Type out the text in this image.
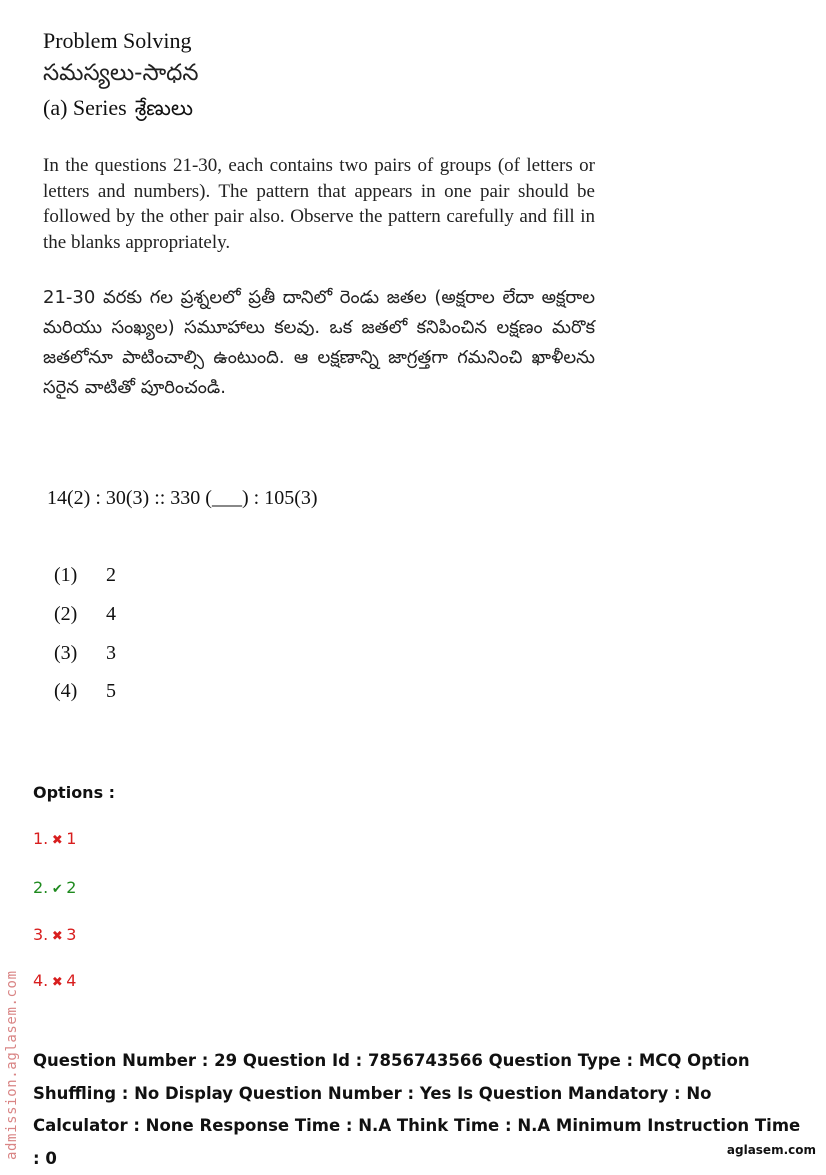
Problem Solving
సమస్యలు-సాధన
(a) Series శ్రేణులు
In the questions 21-30, each contains two pairs of groups (of letters or letters and numbers). The pattern that appears in one pair should be followed by the other pair also. Observe the pattern carefully and fill in the blanks appropriately.
21-30 వరకు గల ప్రశ్నలలో ప్రతీ దానిలో రెండు జతల (అక్షరాల లేదా అక్షరాల మరియు సంఖ్యల) సమూహాలు కలవు. ఒక జతలో కనిపించిన లక్షణం మరొక జతలోనూ పాటించాల్సి ఉంటుంది. ఆ లక్షణాన్ని జాగ్రత్తగా గమనించి ఖాళీలను సరైన వాటితో పూరించండి.
14(2) : 30(3) :: 330 (___) : 105(3)
(1) 2
(2) 4
(3) 3
(4) 5
Options :
1. ✖ 1
2. ✔ 2
3. ✖ 3
4. ✖ 4
Question Number : 29 Question Id : 7856743566 Question Type : MCQ Option Shuffling : No Display Question Number : Yes Is Question Mandatory : No Calculator : None Response Time : N.A Think Time : N.A Minimum Instruction Time : 0
admission.aglasem.com	aglasem.com
